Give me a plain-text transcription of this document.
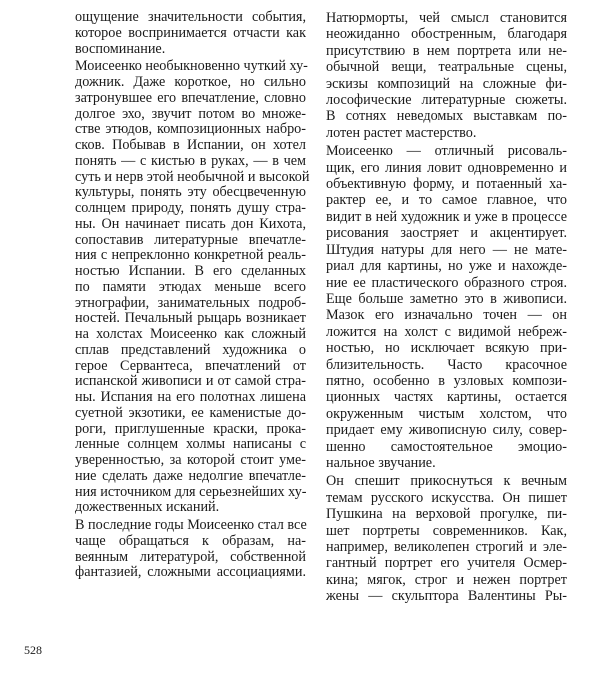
ощущение значительности события,
которое воспринимается отчасти как
воспоминание.
Моисеенко необыкновенно чуткий ху-
дожник. Даже короткое, но сильно
затронувшее его впечатление, словно
долгое эхо, звучит потом во множе-
стве этюдов, композиционных набро-
сков. Побывав в Испании, он хотел
понять — с кистью в руках, — в чем
суть и нерв этой необычной и высокой
культуры, понять эту обесцвеченную
солнцем природу, понять душу стра-
ны. Он начинает писать дон Кихота,
сопоставив литературные впечатле-
ния с непреклонно конкретной реаль-
ностью Испании. В его сделанных
по памяти этюдах меньше всего
этнографии, занимательных подроб-
ностей. Печальный рыцарь возникает
на холстах Моисеенко как сложный
сплав представлений художника о
герое Сервантеса, впечатлений от
испанской живописи и от самой стра-
ны. Испания на его полотнах лишена
суетной экзотики, ее каменистые до-
роги, приглушенные краски, прока-
ленные солнцем холмы написаны с
уверенностью, за которой стоит уме-
ние сделать даже недолгие впечатле-
ния источником для серьезнейших ху-
дожественных исканий.
В последние годы Моисеенко стал все
чаще обращаться к образам, на-
веянным литературой, собственной
фантазией, сложными ассоциациями.
Натюрморты, чей смысл становится
неожиданно обостренным, благодаря
присутствию в нем портрета или не-
обычной вещи, театральные сцены,
эскизы композиций на сложные фи-
лософические литературные сюжеты.
В сотнях неведомых выставкам по-
лотен растет мастерство.
Моисеенко — отличный рисоваль-
щик, его линия ловит одновременно и
объективную форму, и потаенный ха-
рактер ее, и то самое главное, что
видит в ней художник и уже в процессе
рисования заостряет и акцентирует.
Штудия натуры для него — не мате-
риал для картины, но уже и нахожде-
ние ее пластического образного строя.
Еще больше заметно это в живописи.
Мазок его изначально точен — он
ложится на холст с видимой небреж-
ностью, но исключает всякую при-
близительность. Часто красочное
пятно, особенно в узловых компози-
ционных частях картины, остается
окруженным чистым холстом, что
придает ему живописную силу, совер-
шенно самостоятельное эмоцио-
нальное звучание.
Он спешит прикоснуться к вечным
темам русского искусства. Он пишет
Пушкина на верховой прогулке, пи-
шет портреты современников. Как,
например, великолепен строгий и эле-
гантный портрет его учителя Осмер-
кина; мягок, строг и нежен портрет
жены — скульптора Валентины Ры-
528
